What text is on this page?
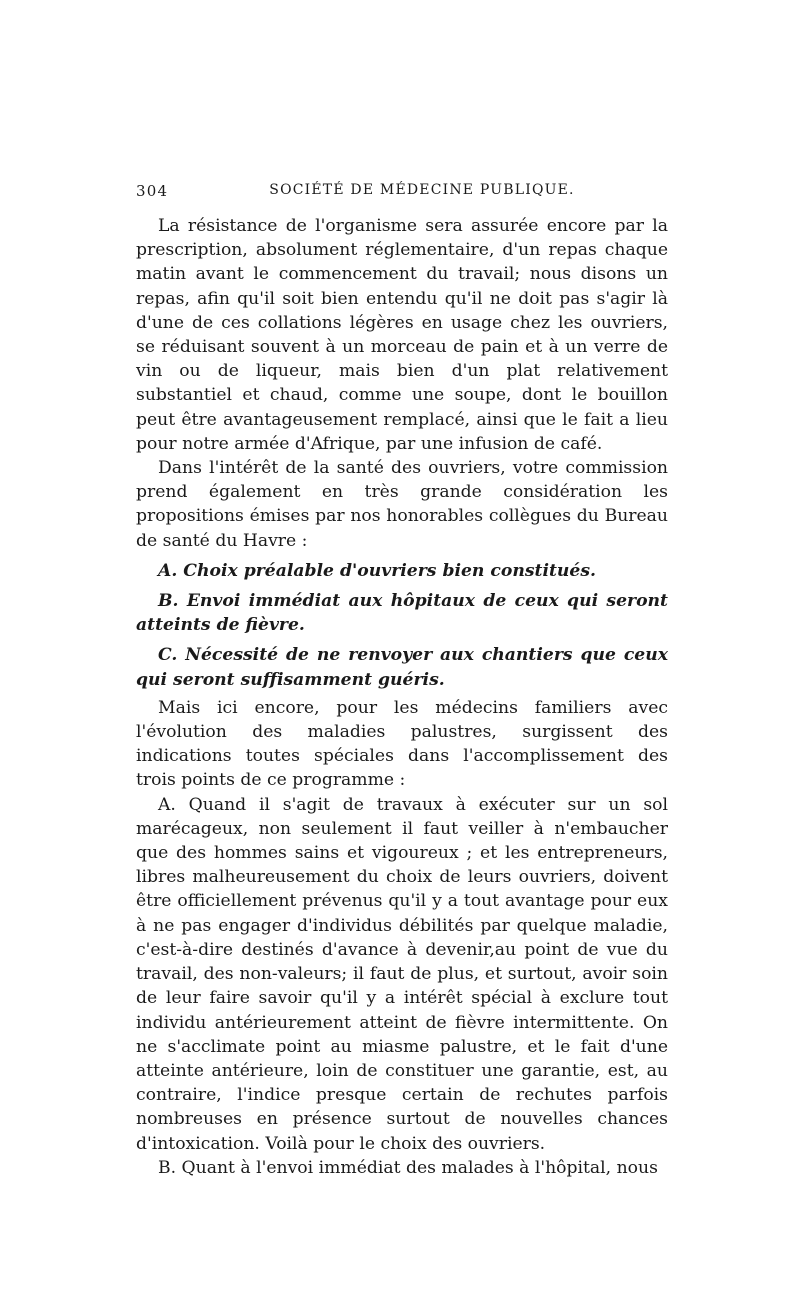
304	SOCIÉTÉ DE MÉDECINE PUBLIQUE.

La résistance de l'organisme sera assurée encore par la prescription, absolument réglementaire, d'un repas chaque matin avant le commencement du travail; nous disons un repas, afin qu'il soit bien entendu qu'il ne doit pas s'agir là d'une de ces collations légères en usage chez les ouvriers, se réduisant souvent à un morceau de pain et à un verre de vin ou de liqueur, mais bien d'un plat relativement substantiel et chaud, comme une soupe, dont le bouillon peut être avantageusement remplacé, ainsi que le fait a lieu pour notre armée d'Afrique, par une infusion de café.

Dans l'intérêt de la santé des ouvriers, votre commission prend également en très grande considération les propositions émises par nos honorables collègues du Bureau de santé du Havre :

A. Choix préalable d'ouvriers bien constitués.

B. Envoi immédiat aux hôpitaux de ceux qui seront atteints de fièvre.

C. Nécessité de ne renvoyer aux chantiers que ceux qui seront suffisamment guéris.

Mais ici encore, pour les médecins familiers avec l'évolution des maladies palustres, surgissent des indications toutes spéciales dans l'accomplissement des trois points de ce programme :

A. Quand il s'agit de travaux à exécuter sur un sol marécageux, non seulement il faut veiller à n'embaucher que des hommes sains et vigoureux ; et les entrepreneurs, libres malheureusement du choix de leurs ouvriers, doivent être officiellement prévenus qu'il y a tout avantage pour eux à ne pas engager d'individus débilités par quelque maladie, c'est-à-dire destinés d'avance à devenir,au point de vue du travail, des non-valeurs; il faut de plus, et surtout, avoir soin de leur faire savoir qu'il y a intérêt spécial à exclure tout individu antérieurement atteint de fièvre intermittente. On ne s'acclimate point au miasme palustre, et le fait d'une atteinte antérieure, loin de constituer une garantie, est, au contraire, l'indice presque certain de rechutes parfois nombreuses en présence surtout de nouvelles chances d'intoxication. Voilà pour le choix des ouvriers.

B. Quant à l'envoi immédiat des malades à l'hôpital, nous
